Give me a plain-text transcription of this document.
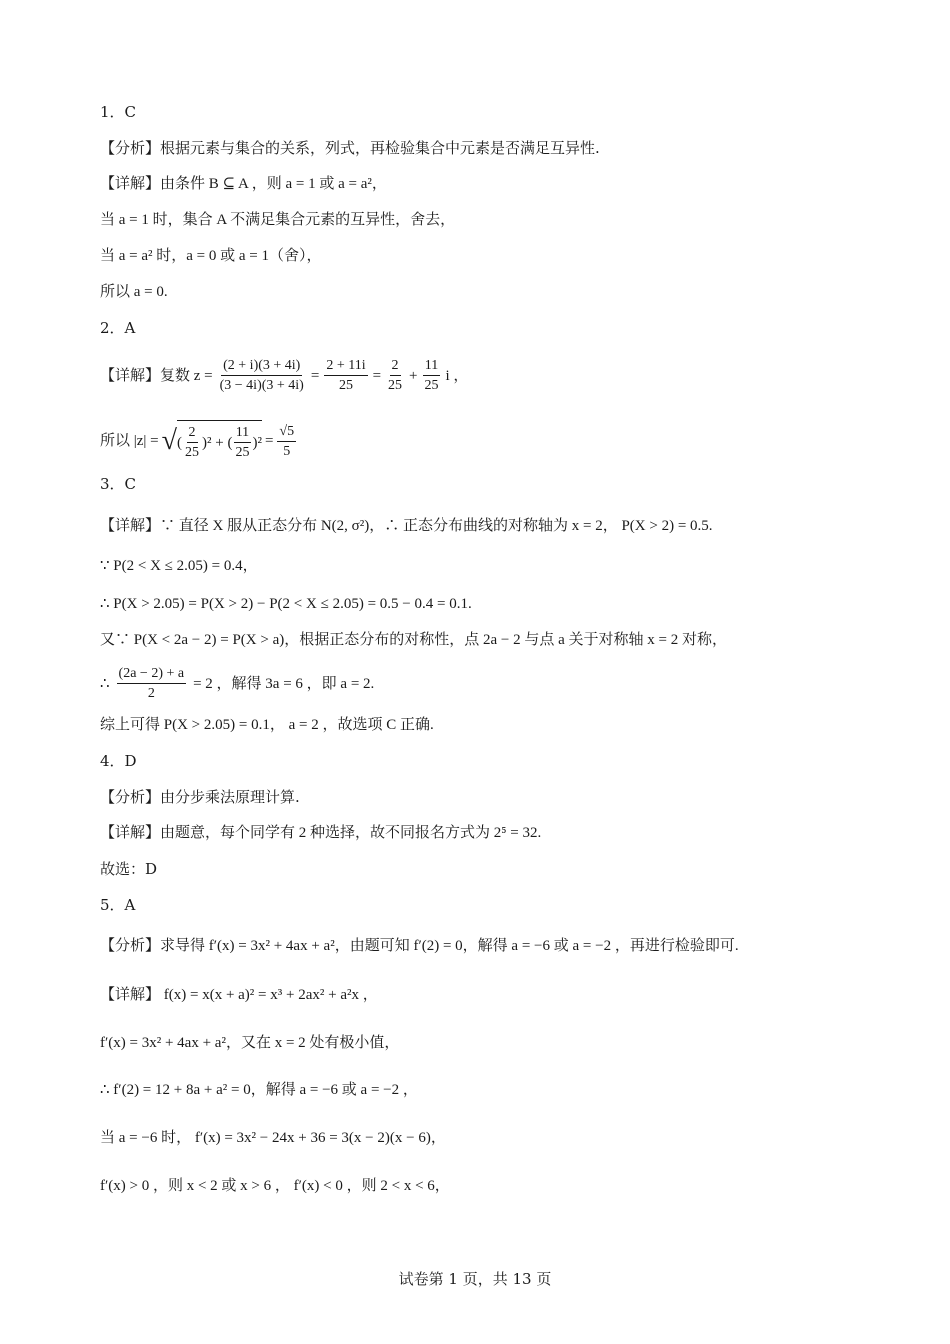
1．C
【分析】根据元素与集合的关系，列式，再检验集合中元素是否满足互异性.
【详解】由条件 B ⊆ A ，则 a = 1 或 a = a²，
当 a = 1 时，集合 A 不满足集合元素的互异性，舍去，
当 a = a² 时，a = 0 或 a = 1（舍），
所以 a = 0.
2．A
【详解】复数 $z = \frac{(2 + i)(3 + 4i)}{(3 - 4i)(3 + 4i)} = \frac{2 + 11i}{25} = \frac{2}{25} + \frac{11}{25}$ i ，
所以 |z| = √ ( $\frac{2}{25} )^2$ + ( $\frac{11}{25} )^2 = \frac{√5}{5}$
3．C
【详解】∵ 直径 X 服从正态分布 N(2, σ²)，∴ 正态分布曲线的对称轴为 x = 2， P(X > 2) = 0.5.
∵ P(2 < X ≤ 2.05) = 0.4，
∴ P(X > 2.05) = P(X > 2) − P(2 < X ≤ 2.05) = 0.5 − 0.4 = 0.1.
又∵ P(X < 2a − 2) = P(X > a)，根据正态分布的对称性，点 2a − 2 与点 a 关于对称轴 x = 2 对称，
∴ $\frac{(2a - 2) + a}{2} = 2$ ，解得 3a = 6 ，即 a = 2.
综上可得 P(X > 2.05) = 0.1， a = 2 ，故选项 C 正确.
4．D
【分析】由分步乘法原理计算.
【详解】由题意，每个同学有 2 种选择，故不同报名方式为 2⁵ = 32.
故选：D
5．A
【分析】求导得 f′(x) = 3x² + 4ax + a²，由题可知 f′(2) = 0，解得 a = −6 或 a = −2 ，再进行检验即可.
【详解】 f(x) = x(x + a)² = x³ + 2ax² + a²x ，
f′(x) = 3x² + 4ax + a²，又在 x = 2 处有极小值，
∴ f′(2) = 12 + 8a + a² = 0，解得 a = −6 或 a = −2 ，
当 a = −6 时， f′(x) = 3x² − 24x + 36 = 3(x − 2)(x − 6)，
f′(x) > 0 ，则 x < 2 或 x > 6 ， f′(x) < 0 ，则 2 < x < 6，
试卷第 1 页，共 13 页
